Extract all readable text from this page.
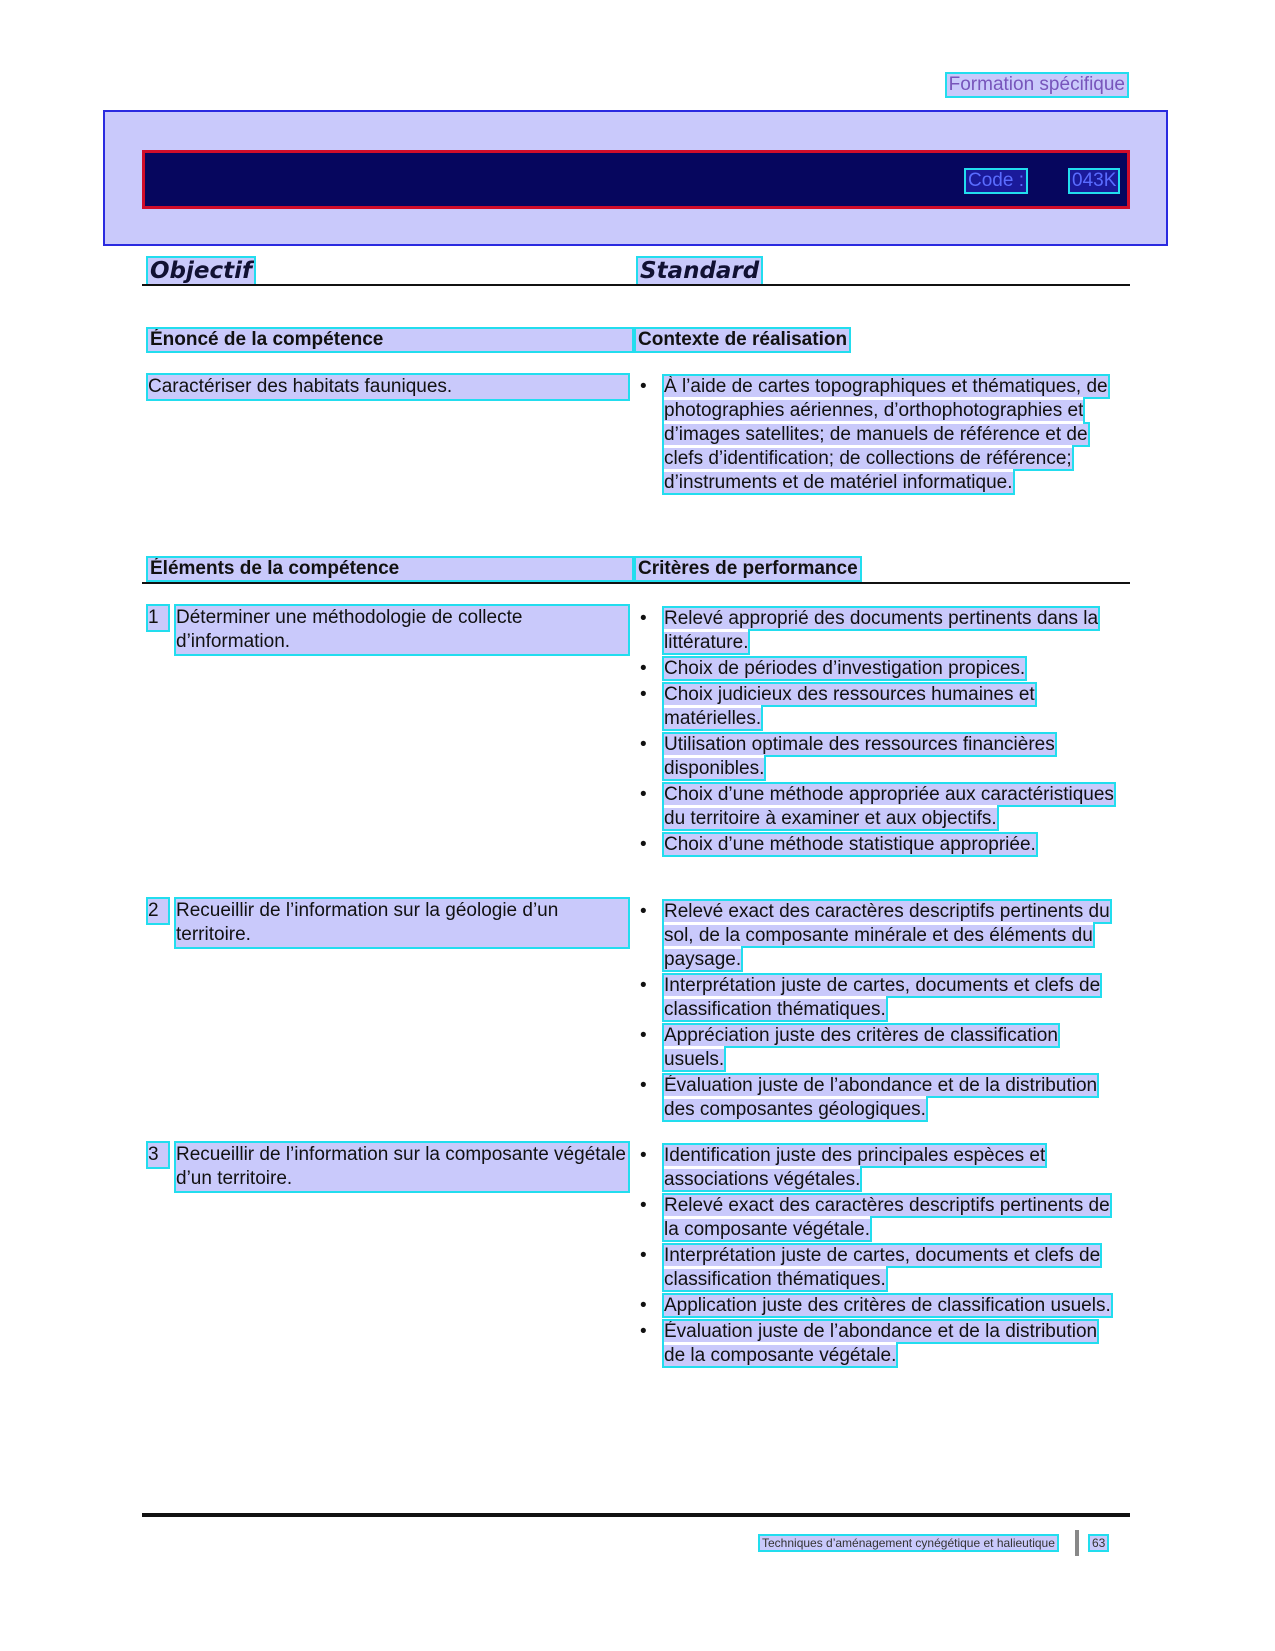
Formation spécifique
Code :	043K
Objectif	Standard
Énoncé de la compétence	Contexte de réalisation
Caractériser des habitats fauniques.	• À l’aide de cartes topographiques et thématiques, de photographies aériennes, d’orthophotographies et d’images satellites; de manuels de référence et de clefs d’identification; de collections de référence; d’instruments et de matériel informatique.
Éléments de la compétence	Critères de performance
1 Déterminer une méthodologie de collecte d’information.
• Relevé approprié des documents pertinents dans la littérature.
• Choix de périodes d’investigation propices.
• Choix judicieux des ressources humaines et matérielles.
• Utilisation optimale des ressources financières disponibles.
• Choix d’une méthode appropriée aux caractéristiques du territoire à examiner et aux objectifs.
• Choix d’une méthode statistique appropriée.
2 Recueillir de l’information sur la géologie d’un territoire.
• Relevé exact des caractères descriptifs pertinents du sol, de la composante minérale et des éléments du paysage.
• Interprétation juste de cartes, documents et clefs de classification thématiques.
• Appréciation juste des critères de classification usuels.
• Évaluation juste de l’abondance et de la distribution des composantes géologiques.
3 Recueillir de l’information sur la composante végétale d’un territoire.
• Identification juste des principales espèces et associations végétales.
• Relevé exact des caractères descriptifs pertinents de la composante végétale.
• Interprétation juste de cartes, documents et clefs de classification thématiques.
• Application juste des critères de classification usuels.
• Évaluation juste de l’abondance et de la distribution de la composante végétale.
Techniques d’aménagement cynégétique et halieutique	63
